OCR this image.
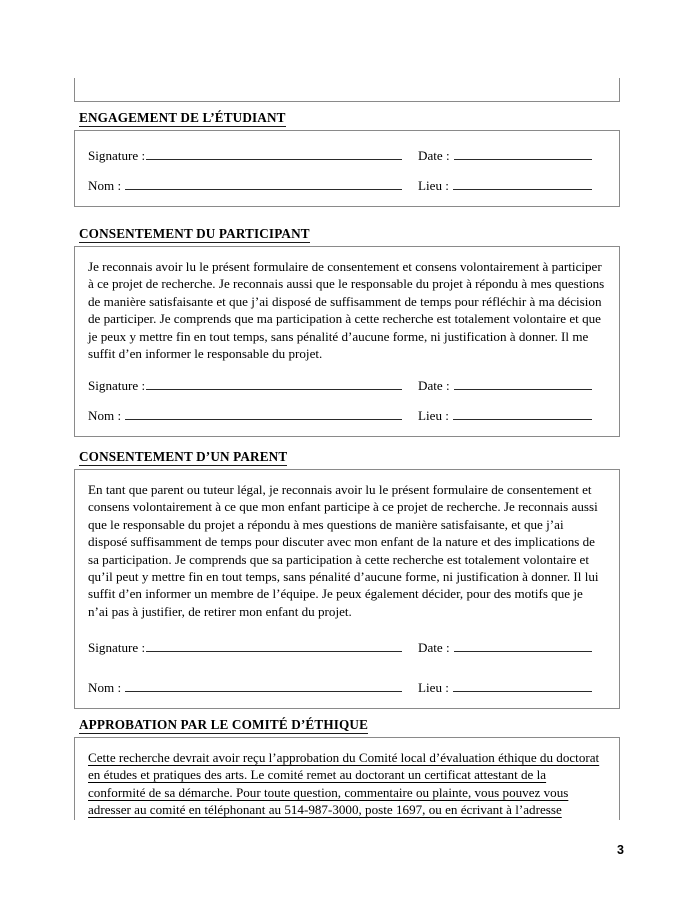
ENGAGEMENT DE L’ÉTUDIANT
Signature :	Date :
Nom :	Lieu :
CONSENTEMENT DU PARTICIPANT

Je reconnais avoir lu le présent formulaire de consentement et consens volontairement à participer à ce projet de recherche. Je reconnais aussi que le responsable du projet à répondu à mes questions de manière satisfaisante et que j’ai disposé de suffisamment de temps pour réfléchir à ma décision de participer. Je comprends que ma participation à cette recherche est totalement volontaire et que je peux y mettre fin en tout temps, sans pénalité d’aucune forme, ni justification à donner. Il me suffit d’en informer le responsable du projet.

Signature :	Date :
Nom :	Lieu :
CONSENTEMENT D’UN PARENT

En tant que parent ou tuteur légal, je reconnais avoir lu le présent formulaire de consentement et consens volontairement à ce que mon enfant participe à ce projet de recherche. Je reconnais aussi que le responsable du projet a répondu à mes questions de manière satisfaisante, et que j’ai disposé suffisamment de temps pour discuter avec mon enfant de la nature et des implications de sa participation. Je comprends que sa participation à cette recherche est totalement volontaire et qu’il peut y mettre fin en tout temps, sans pénalité d’aucune forme, ni justification à donner. Il lui suffit d’en informer un membre de l’équipe. Je peux également décider, pour des motifs que je n’ai pas à justifier, de retirer mon enfant du projet.

Signature :	Date :
Nom :	Lieu :
APPROBATION PAR LE COMITÉ D’ÉTHIQUE

Cette recherche devrait avoir reçu l’approbation du Comité local d’évaluation éthique du doctorat en études et pratiques des arts. Le comité remet au doctorant un certificat attestant de la conformité de sa démarche. Pour toute question, commentaire ou plainte, vous pouvez vous adresser au comité en téléphonant au 514-987-3000, poste 1697, ou en écrivant à l’adresse

3
